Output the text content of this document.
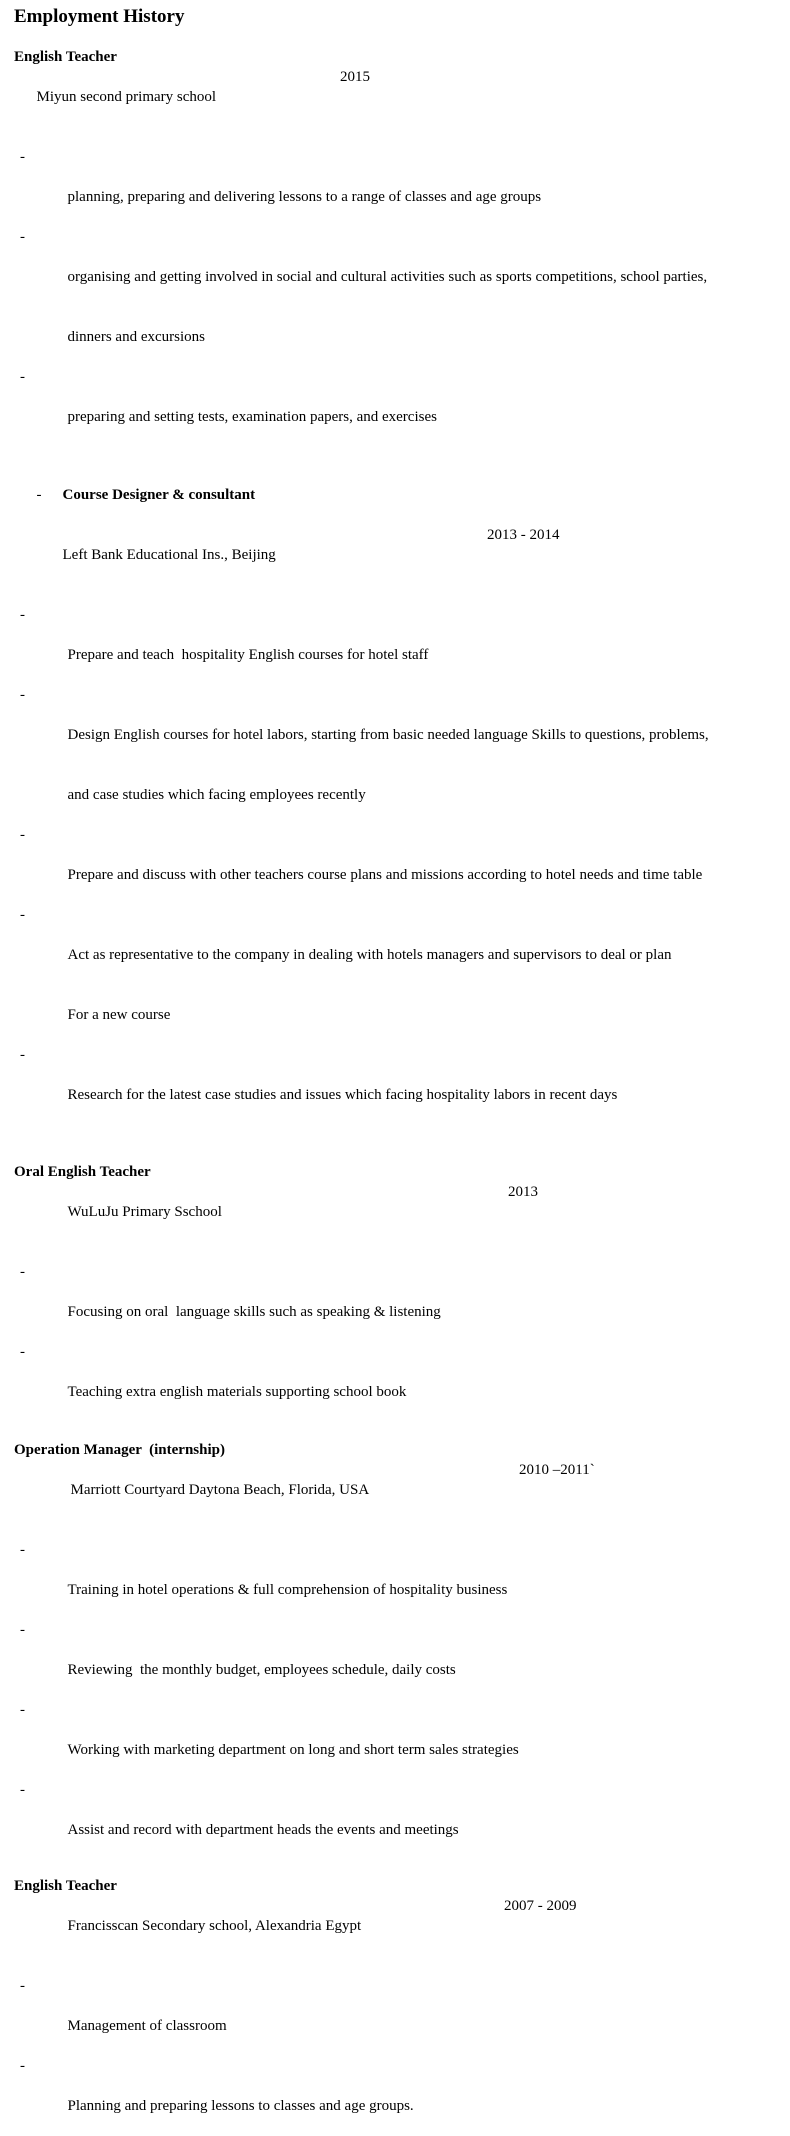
Employment History
English Teacher

Miyun second primary school

2015

-

planning, preparing and delivering lessons to a range of classes and age groups

-

organising and getting involved in social and cultural activities such as sports competitions, school parties,

dinners and excursions

-

preparing and setting tests, examination papers, and exercises

- Course Designer & consultant

Left Bank Educational Ins., Beijing

2013 - 2014

-

Prepare and teach  hospitality English courses for hotel staff

-

Design English courses for hotel labors, starting from basic needed language Skills to questions, problems,

and case studies which facing employees recently

-

Prepare and discuss with other teachers course plans and missions according to hotel needs and time table

-

Act as representative to the company in dealing with hotels managers and supervisors to deal or plan

For a new course

-

Research for the latest case studies and issues which facing hospitality labors in recent days

Oral English Teacher

WuLuJu Primary Sschool

2013

-

Focusing on oral  language skills such as speaking & listening

-

Teaching extra english materials supporting school book

Operation Manager  (internship)

Marriott Courtyard Daytona Beach, Florida, USA

2010 –2011`

-

Training in hotel operations & full comprehension of hospitality business

-

Reviewing  the monthly budget, employees schedule, daily costs

-

Working with marketing department on long and short term sales strategies

-

Assist and record with department heads the events and meetings

English Teacher

Francisscan Secondary school, Alexandria Egypt

2007 - 2009

-

Management of classroom

-

Planning and preparing lessons to classes and age groups.
